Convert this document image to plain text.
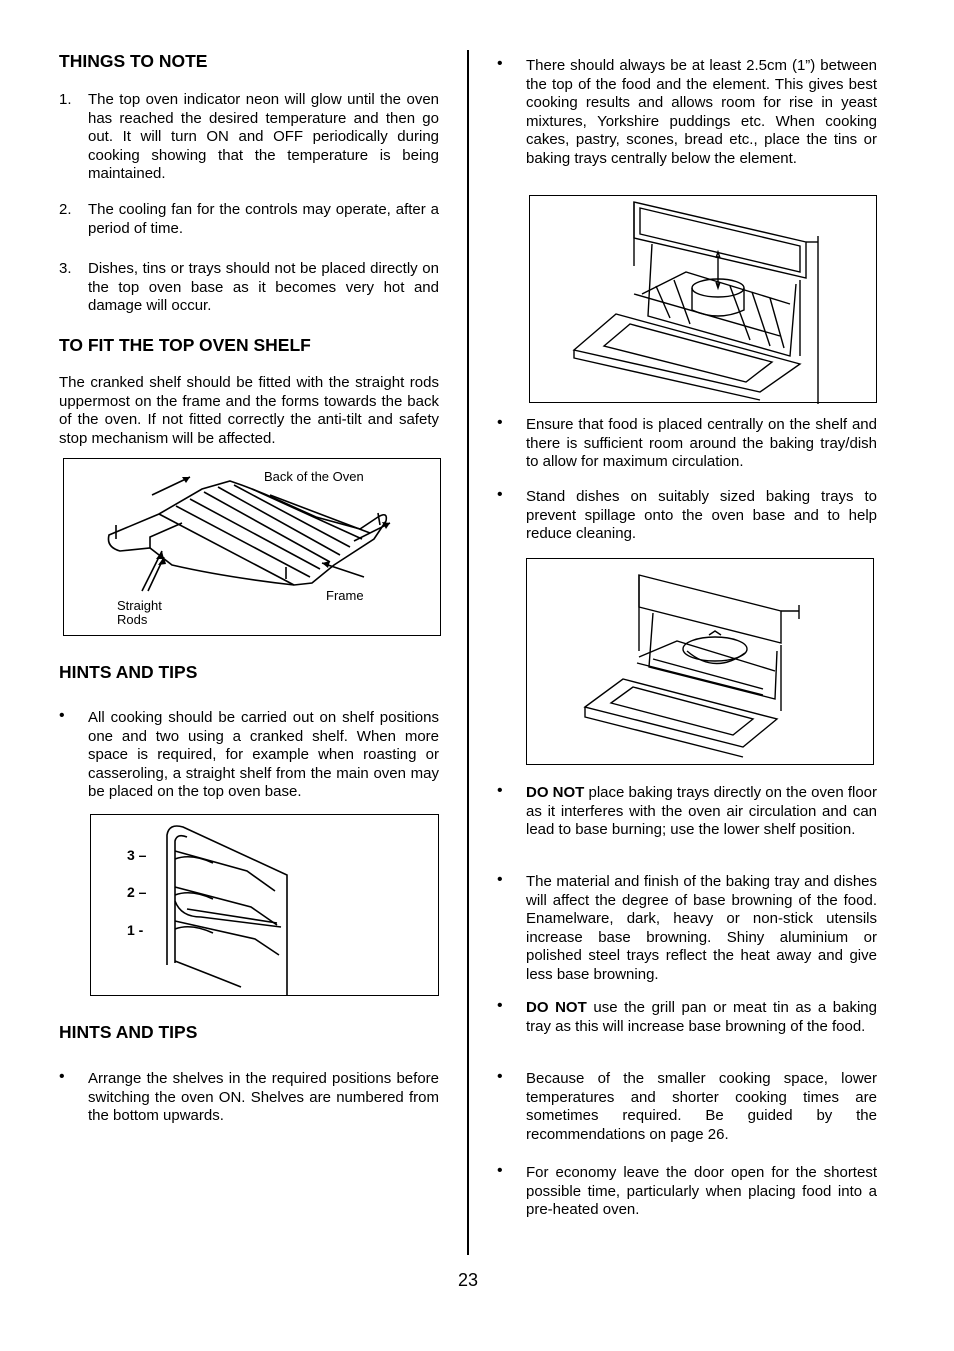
THINGS TO NOTE
1. The top oven indicator neon will glow until the oven has reached the desired temperature and then go out. It will turn ON and OFF periodically during cooking showing that the temperature is being maintained.

2. The cooling fan for the controls may operate, after a period of time.

3. Dishes, tins or trays should not be placed directly on the top oven base as it becomes very hot and damage will occur.

TO FIT THE TOP OVEN SHELF

The cranked shelf should be fitted with the straight rods uppermost on the frame and the forms towards the back of the oven. If not fitted correctly the anti-tilt and safety stop mechanism will be affected.

Back of the Oven
Frame
Straight
Rods
HINTS AND TIPS
• All cooking should be carried out on shelf positions one and two using a cranked shelf. When more space is required, for example when roasting or casseroling, a straight shelf from the main oven may be placed on the top oven base.

3 –
2 –
1 -
HINTS AND TIPS
• Arrange the shelves in the required positions before switching the oven ON. Shelves are numbered from the bottom upwards.

• There should always be at least 2.5cm (1”) between the top of the food and the element. This gives best cooking results and allows room for rise in yeast mixtures, Yorkshire puddings etc. When cooking cakes, pastry, scones, bread etc., place the tins or baking trays centrally below the element.

• Ensure that food is placed centrally on the shelf and there is sufficient room around the baking tray/dish to allow for maximum circulation.

• Stand dishes on suitably sized baking trays to prevent spillage onto the oven base and to help reduce cleaning.

• DO NOT place baking trays directly on the oven floor as it interferes with the oven air circulation and can lead to base burning; use the lower shelf position.

• The material and finish of the baking tray and dishes will affect the degree of base browning of the food. Enamelware, dark, heavy or non-stick utensils increase base browning. Shiny aluminium or polished steel trays reflect the heat away and give less base browning.

• DO NOT use the grill pan or meat tin as a baking tray as this will increase base browning of the food.

• Because of the smaller cooking space, lower temperatures and shorter cooking times are sometimes required. Be guided by the recommendations on page 26.

• For economy leave the door open for the shortest possible time, particularly when placing food into a pre-heated oven.

23
